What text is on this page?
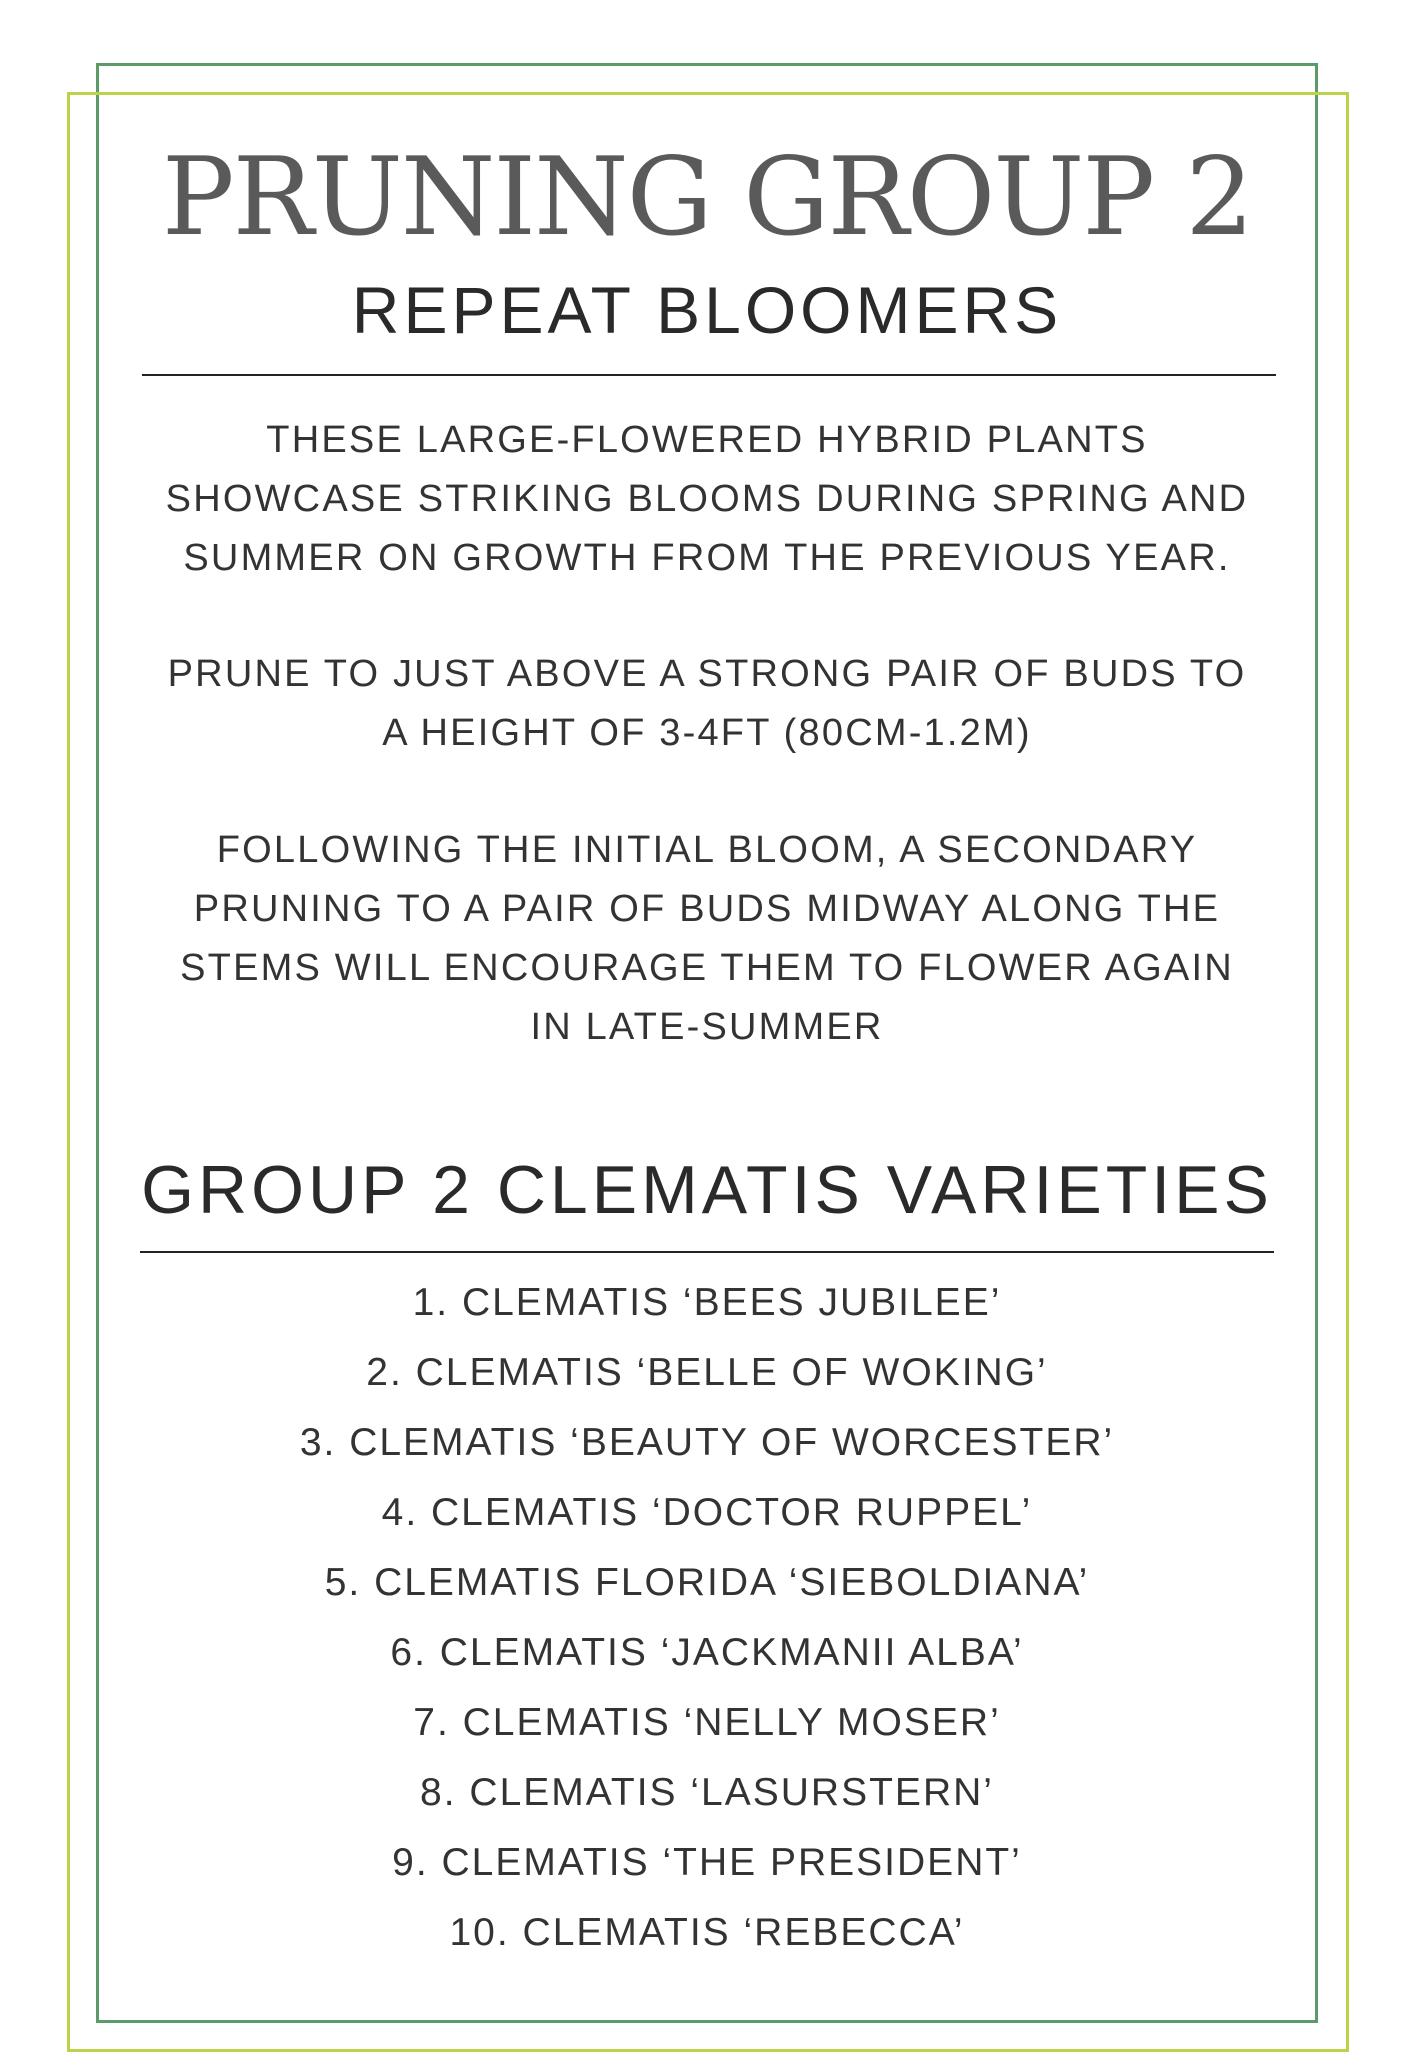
PRUNING GROUP 2
REPEAT BLOOMERS
THESE LARGE-FLOWERED HYBRID PLANTS
SHOWCASE STRIKING BLOOMS DURING SPRING AND
SUMMER ON GROWTH FROM THE PREVIOUS YEAR.
PRUNE TO JUST ABOVE A STRONG PAIR OF BUDS TO
A HEIGHT OF 3-4FT (80CM-1.2M)
FOLLOWING THE INITIAL BLOOM, A SECONDARY
PRUNING TO A PAIR OF BUDS MIDWAY ALONG THE
STEMS WILL ENCOURAGE THEM TO FLOWER AGAIN
IN LATE-SUMMER
GROUP 2 CLEMATIS VARIETIES
1. CLEMATIS ‘BEES JUBILEE’
2. CLEMATIS ‘BELLE OF WOKING’
3. CLEMATIS ‘BEAUTY OF WORCESTER’
4. CLEMATIS ‘DOCTOR RUPPEL’
5. CLEMATIS FLORIDA ‘SIEBOLDIANA’
6. CLEMATIS ‘JACKMANII ALBA’
7. CLEMATIS ‘NELLY MOSER’
8. CLEMATIS ‘LASURSTERN’
9. CLEMATIS ‘THE PRESIDENT’
10. CLEMATIS ‘REBECCA’
